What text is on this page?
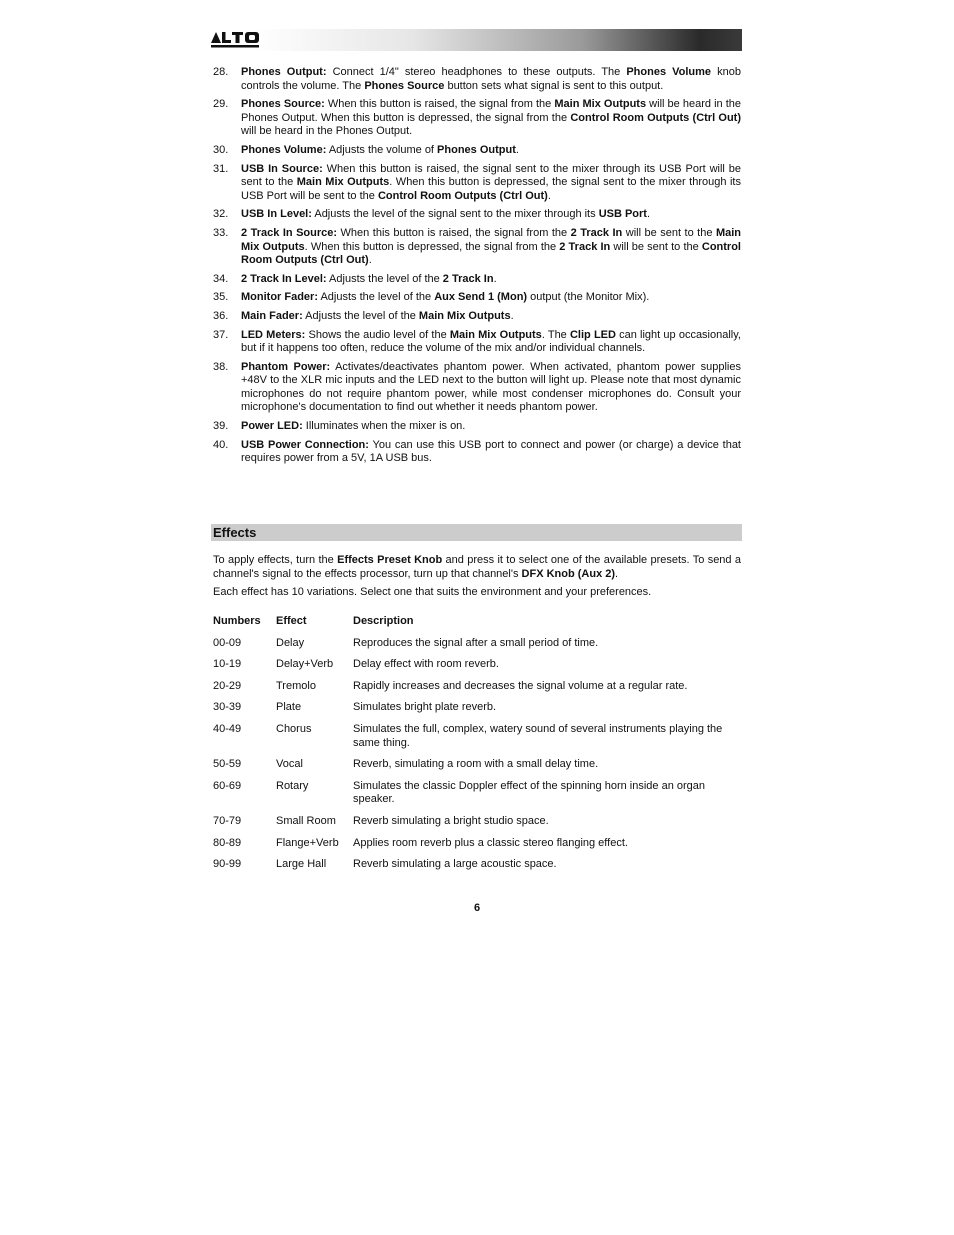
28.	Phones Output: Connect 1/4" stereo headphones to these outputs. The Phones Volume knob controls the volume. The Phones Source button sets what signal is sent to this output.
29.	Phones Source: When this button is raised, the signal from the Main Mix Outputs will be heard in the Phones Output. When this button is depressed, the signal from the Control Room Outputs (Ctrl Out) will be heard in the Phones Output.
30.	Phones Volume: Adjusts the volume of Phones Output.
31.	USB In Source: When this button is raised, the signal sent to the mixer through its USB Port will be sent to the Main Mix Outputs. When this button is depressed, the signal sent to the mixer through its USB Port will be sent to the Control Room Outputs (Ctrl Out).
32.	USB In Level: Adjusts the level of the signal sent to the mixer through its USB Port.
33.	2 Track In Source: When this button is raised, the signal from the 2 Track In will be sent to the Main Mix Outputs. When this button is depressed, the signal from the 2 Track In will be sent to the Control Room Outputs (Ctrl Out).
34.	2 Track In Level: Adjusts the level of the 2 Track In.
35.	Monitor Fader: Adjusts the level of the Aux Send 1 (Mon) output (the Monitor Mix).
36.	Main Fader: Adjusts the level of the Main Mix Outputs.
37.	LED Meters: Shows the audio level of the Main Mix Outputs. The Clip LED can light up occasionally, but if it happens too often, reduce the volume of the mix and/or individual channels.
38.	Phantom Power: Activates/deactivates phantom power. When activated, phantom power supplies +48V to the XLR mic inputs and the LED next to the button will light up. Please note that most dynamic microphones do not require phantom power, while most condenser microphones do. Consult your microphone's documentation to find out whether it needs phantom power.
39.	Power LED: Illuminates when the mixer is on.
40.	USB Power Connection: You can use this USB port to connect and power (or charge) a device that requires power from a 5V, 1A USB bus.
Effects
To apply effects, turn the Effects Preset Knob and press it to select one of the available presets. To send a channel's signal to the effects processor, turn up that channel's DFX Knob (Aux 2).
Each effect has 10 variations. Select one that suits the environment and your preferences.
Numbers	Effect	Description
00-09	Delay	Reproduces the signal after a small period of time.
10-19	Delay+Verb	Delay effect with room reverb.
20-29	Tremolo	Rapidly increases and decreases the signal volume at a regular rate.
30-39	Plate	Simulates bright plate reverb.
40-49	Chorus	Simulates the full, complex, watery sound of several instruments playing the same thing.
50-59	Vocal	Reverb, simulating a room with a small delay time.
60-69	Rotary	Simulates the classic Doppler effect of the spinning horn inside an organ speaker.
70-79	Small Room	Reverb simulating a bright studio space.
80-89	Flange+Verb	Applies room reverb plus a classic stereo flanging effect.
90-99	Large Hall	Reverb simulating a large acoustic space.
6
